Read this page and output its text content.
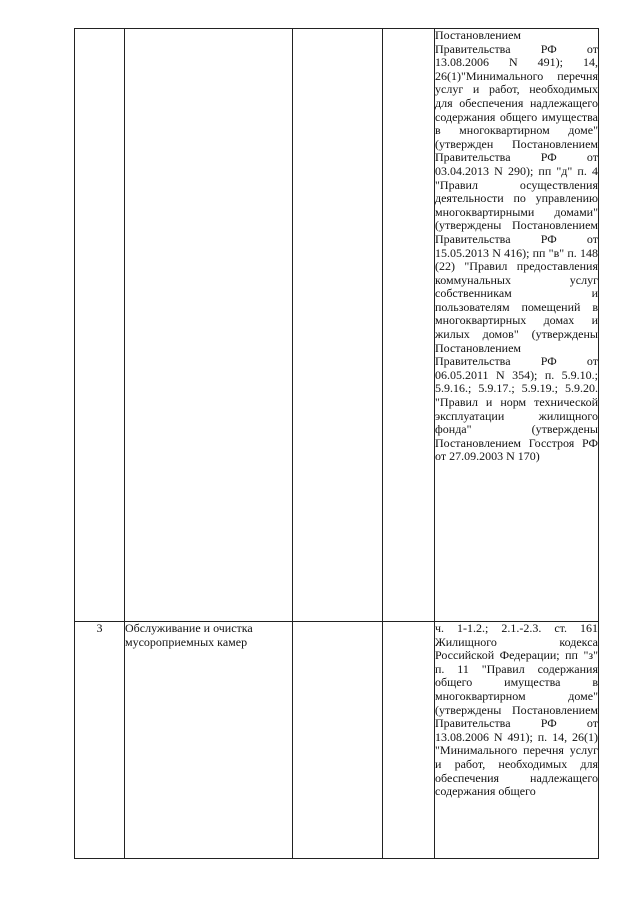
				Постановлением Правительства РФ от 13.08.2006 N 491); 14, 26(1)"Минимального перечня услуг и работ, необходимых для обеспечения надлежащего содержания общего имущества в многоквартирном доме" (утвержден Постановлением Правительства РФ от 03.04.2013 N 290); пп "д" п. 4 "Правил осуществления деятельности по управлению многоквартирными домами" (утверждены Постановлением Правительства РФ от 15.05.2013 N 416); пп "в" п. 148 (22) "Правил предоставления коммунальных услуг собственникам и пользователям помещений в многоквартирных домах и жилых домов" (утверждены Постановлением Правительства РФ от 06.05.2011 N 354); п. 5.9.10.; 5.9.16.; 5.9.17.; 5.9.19.; 5.9.20. "Правил и норм технической эксплуатации жилищного фонда" (утверждены Постановлением Госстроя РФ от 27.09.2003 N 170)
3	Обслуживание и очистка мусороприемных камер			ч. 1-1.2.; 2.1.-2.3. ст. 161 Жилищного кодекса Российской Федерации; пп "з" п. 11 "Правил содержания общего имущества в многоквартирном доме" (утверждены Постановлением Правительства РФ от 13.08.2006 N 491); п. 14, 26(1) "Минимального перечня услуг и работ, необходимых для обеспечения надлежащего содержания общего
